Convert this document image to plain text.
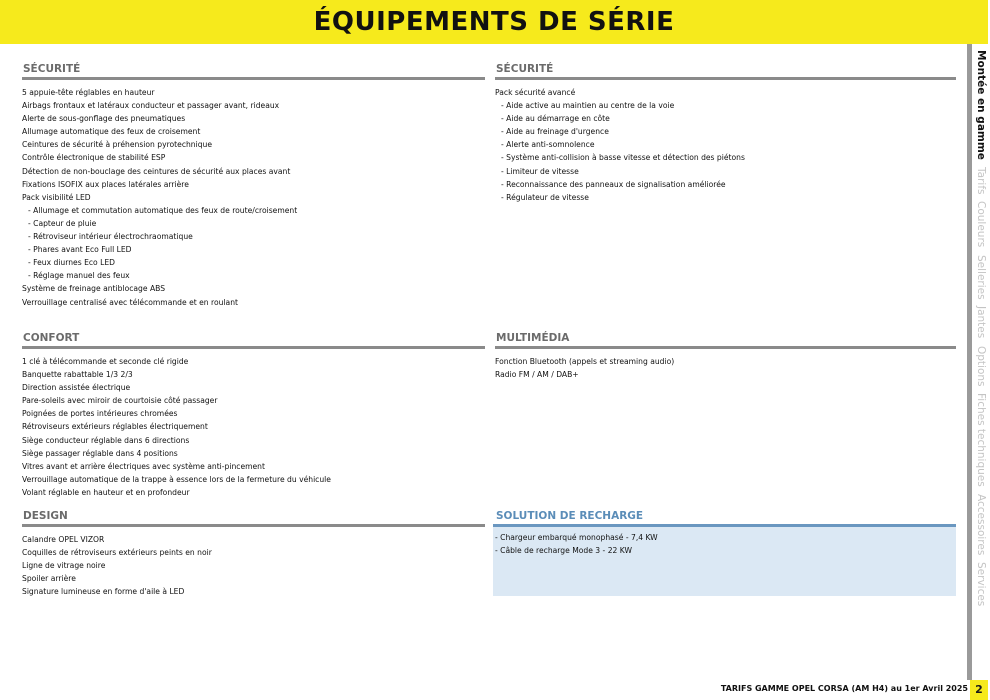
ÉQUIPEMENTS DE SÉRIE
SÉCURITÉ
5 appuie-tête réglables en hauteur
Airbags frontaux et latéraux conducteur et passager avant, rideaux
Alerte de sous-gonflage des pneumatiques
Allumage automatique des feux de croisement
Ceintures de sécurité à préhension pyrotechnique
Contrôle électronique de stabilité ESP
Détection de non-bouclage des ceintures de sécurité aux places avant
Fixations ISOFIX aux places latérales arrière
Pack visibilité LED
- Allumage et commutation automatique des feux de route/croisement
- Capteur de pluie
- Rétroviseur intérieur électrochraomatique
- Phares avant Eco Full LED
- Feux diurnes Eco LED
- Réglage manuel des feux
Système de freinage antiblocage ABS
Verrouillage centralisé avec télécommande et en roulant
SÉCURITÉ
Pack sécurité avancé
- Aide active au maintien au centre de la voie
- Aide au démarrage en côte
- Aide au freinage d'urgence
- Alerte anti-somnolence
- Système anti-collision à basse vitesse et détection des piétons
- Limiteur de vitesse
- Reconnaissance des panneaux de signalisation améliorée
- Régulateur de vitesse
CONFORT
1 clé à télécommande et seconde clé rigide
Banquette rabattable 1/3 2/3
Direction assistée électrique
Pare-soleils avec miroir de courtoisie côté passager
Poignées de portes intérieures chromées
Rétroviseurs extérieurs réglables électriquement
Siège conducteur réglable dans 6 directions
Siège passager réglable dans 4 positions
Vitres avant et arrière électriques avec système anti-pincement
Verrouillage automatique de la trappe à essence lors de la fermeture du véhicule
Volant réglable en hauteur et en profondeur
MULTIMÉDIA
Fonction Bluetooth (appels et streaming audio)
Radio FM / AM / DAB+
DESIGN
Calandre OPEL VIZOR
Coquilles de rétroviseurs extérieurs peints en noir
Ligne de vitrage noire
Spoiler arrière
Signature lumineuse en forme d'aile à LED
SOLUTION DE RECHARGE
- Chargeur embarqué monophasé - 7,4 KW
- Câble de recharge Mode 3 - 22 KW
Montée en gammeTarifsCouleursSelleriesJantesOptionsFiches techniquesAccessoiresServices
TARIFS GAMME OPEL CORSA (AM H4) au 1er Avril 2025 2
